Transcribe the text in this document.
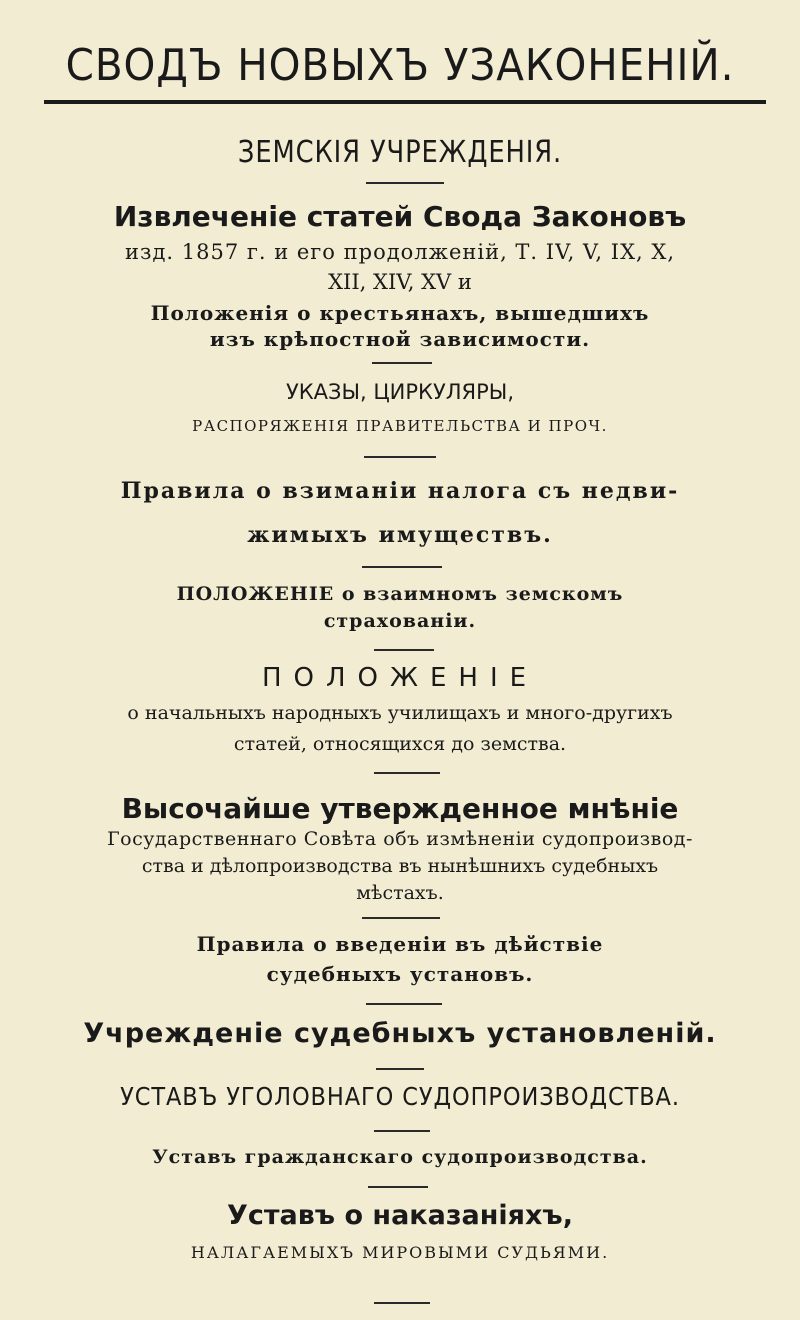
СВОДЪ НОВЫХЪ УЗАКОНЕНІЙ.
ЗЕМСКІЯ УЧРЕЖДЕНІЯ.
Извлеченіе статей Свода Законовъ
изд. 1857 г. и его продолженій, Т. IV, V, IX, X,
XII, XIV, XV и
Положенія о крестьянахъ, вышедшихъ
изъ крѣпостной зависимости.
УКАЗЫ, ЦИРКУЛЯРЫ,
РАСПОРЯЖЕНІЯ ПРАВИТЕЛЬСТВА И ПРОЧ.
Правила о взиманіи налога съ недви-
жимыхъ имуществъ.
ПОЛОЖЕНІЕ о взаимномъ земскомъ
страхованіи.
ПОЛОЖЕНІЕ
о начальныхъ народныхъ училищахъ и много-другихъ
статей, относящихся до земства.
Высочайше утвержденное мнѣніе
Государственнаго Совѣта объ измѣненіи судопроизвод-
ства и дѣлопроизводства въ нынѣшнихъ судебныхъ
мѣстахъ.
Правила о введеніи въ дѣйствіе
судебныхъ установъ.
Учрежденіе судебныхъ установленій.
УСТАВЪ УГОЛОВНАГО СУДОПРОИЗВОДСТВА.
Уставъ гражданскаго судопроизводства.
Уставъ о наказаніяхъ,
НАЛАГАЕМЫХЪ МИРОВЫМИ СУДЬЯМИ.
